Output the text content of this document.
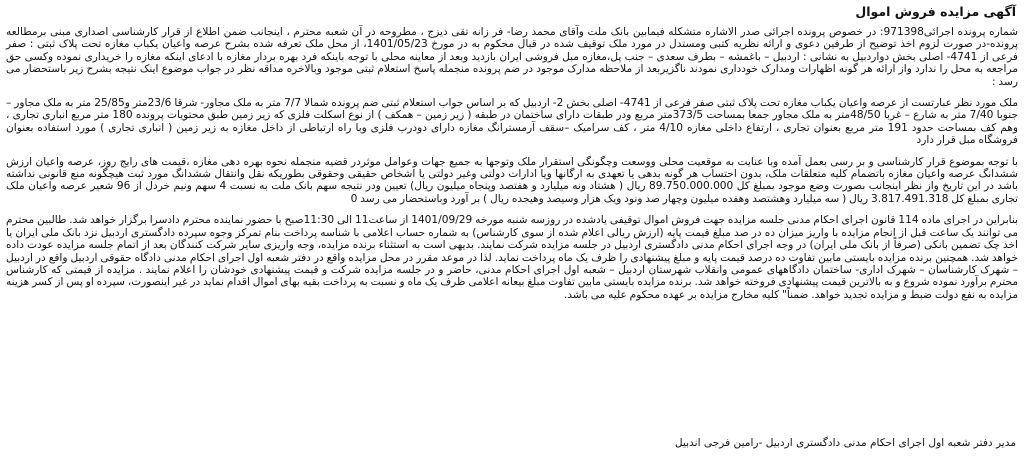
آگهی مزایده فروش اموال

شماره پرونده اجرائی971398: در خصوص پرونده اجرائی صدر الاشاره متشکله فیمابین بانک ملت وآقای محمد رضا- فر زانه تقی دیزج ، مطروحه در آن شعبه محترم ، اینجانب ضمن اطلاع از قرار کارشناسی اصداری مبنی برمطالعه پرونده-در صورت لزوم اخذ توضیح از طرفین دعوی و ارائه نظریه کتبی ومستدل در مورد ملک توقیف شده در قبال محکوم به در مورخ 1401/05/23، از محل ملک تعرفه شده بشرح عرصه واعیان یکباب مغازه تحت پلاک ثبتی : صفر فرعی از 4741- اصلی بخش دواردبیل به نشانی : اردبیل – باغمشه – بطرف سعدی – جنب پل،مغازه مبل فروشی ایران بازدید وبعد از معاینه محلی با توجه باینکه فرد بهره بردار مغازه با ادعای اینکه مغازه را خریداری نموده وکسی حق مراجعه به محل را ندارد واز ارائه هر گونه اظهارات ومدارک خودداری نمودند ناگزیربعد از ملاحظه مدارک موجود در ضم پرونده منجمله پاسخ استعلام ثبتی موجود وبالاخره مداقه نظر در جواب موضوع اینک نتیجه بشرح زیر باستحضار می رسد :

ملک مورد نظر عبارتست از عرصه واعیان یکباب مغازه تحت پلاک ثبتی صفر فرعی از 4741- اصلی بخش 2- اردبیل که بر اساس جواب استعلام ثبتی ضم پرونده شمالا 7/7 متر به ملک مجاور- شرقا 23/6متر و25/85 متر به ملک مجاور – جنوبا 7/40 متر به شارع – غربا 48/50متر به ملک مجاور جمعا بمساحت 373/5متر مربع ودر طبقات دارای ساختمان در طبقه ( زیر زمین – همکف ) از نوع اسکلت فلزی که زیر زمین طبق محتویات پرونده 180 متر مربع انباری تجاری ، وهم کف بمساحت حدود 191 متر مربع بعنوان تجاری ، ارتفاع داخلی مغازه 4/10 متر ، کف سرامیک –سقف آرمسترانگ مغازه دارای دودرب فلزی وبا راه ارتباطی از داخل مغازه به زیر زمین ( انباری تجاری ) مورد استفاده بعنوان فروشگاه مبل قرار دارد

با توجه بموضوع قرار کارشناسی و بر رسی بعمل آمده وبا عنایت به موقعیت محلی ووسعت وچگونگی استقرار ملک وتوجها به جمیع جهات وعوامل موثردر قضیه منجمله نحوه بهره دهی مغازه ،قیمت های رایج روز، عرصه واعیان ارزش ششدانگ عرصه واعیان مغازه باتضمام کلیه متعلقات ملک، بدون احتساب هر گونه بدهی یا تعهدی به ارگانها ویا ادارات دولتی وغیر دولتی یا اشخاص حقیقی وحقوقی بطوریکه نقل وانتقال ششدانگ مورد ثبت هیچگونه منع قانونی نداشته باشد در این تاریخ واز نظر اینجانب بصورت وضع موجود بمبلغ کل 89.750.000.000 ریال ( هشتاد ونه میلیارد و هفتصد وپنجاه میلیون ریال) تعیین ودر نتیجه سهم بانک ملت به نسبت 4 سهم ونیم خردل از 96 شعیر عرصه واعیان ملک تجاری بمبلغ کل 3.817.491.318 ریال ( سه میلیارد وهشتصد وهفده میلیون وچهار صد ونود ویک هزار وسیصد وهیجده ریال ) بر آورد وباستحضار می رسد 0

بنابراین در اجرای ماده 114 قانون اجرای احکام مدنی جلسه مزایده جهت فروش اموال توقیفی یادشده در روزسه شنبه مورخه 1401/09/29 از ساعت11 الی 11:30صبح با حضور نماینده محترم دادسرا برگزار خواهد شد. طالبین محترم می توانند یک ساعت قبل از انجام مزایده با واریز میزان ده در صد مبلغ قیمت پایه (ارزش ریالی اعلام شده از سوی کارشناس) به شماره حساب اعلامی با شناسه پرداخت بنام تمرکز وجوه سپرده دادگستری اردبیل نزد بانک ملی ایران یا اخذ چک تضمین بانکی (صرفاً از بانک ملی ایران) در وجه اجرای احکام مدنی دادگستری اردبیل در جلسه مزایده شرکت نمایند. بدیهی است به استثناء برنده مزایده، وجه واریزی سایر شرکت کنندگان بعد از اتمام جلسه مزایده عودت داده خواهد شد. همچنین برنده مزایده بایستی مابین تفاوت ده درصد قیمت پایه و مبلغ پیشنهادی را ظرف یک ماه پرداخت نماید. لذا در موعد مقرر در محل مزایده واقع در دفتر شعبه اول اجرای احکام مدنی دادگاه حقوقی اردبیل واقع در اردبیل – شهرک کارشناسان – شهرک اداری- ساختمان دادگاههای عمومی وانقلاب شهرستان اردبیل – شعبه اول اجرای احکام مدنی، حاضر و در جلسه مزایده شرکت و قیمت پیشنهادی خودشان را اعلام نمایند . مزایده از قیمتی که کارشناس محترم برآورد نموده شروع و به بالاترین قیمت پیشنهادی فروخته خواهد شد. برنده مزایده بایستی مابین تفاوت مبلغ بیعانه اعلامی ظرف یک ماه و نسبت به پرداخت بقیه بهای اموال اقدام نماید در غیر اینصورت، سپرده او پس از کسر هزینه مزایده به نفع دولت ضبط و مزایده تجدید خواهد. ضمناً" کلیه مخارج مزایده بر عهده محکوم علیه می باشد.

مدیر دفتر شعبه اول اجرای احکام مدنی دادگستری اردبیل -رامین فرجی اندبیل
